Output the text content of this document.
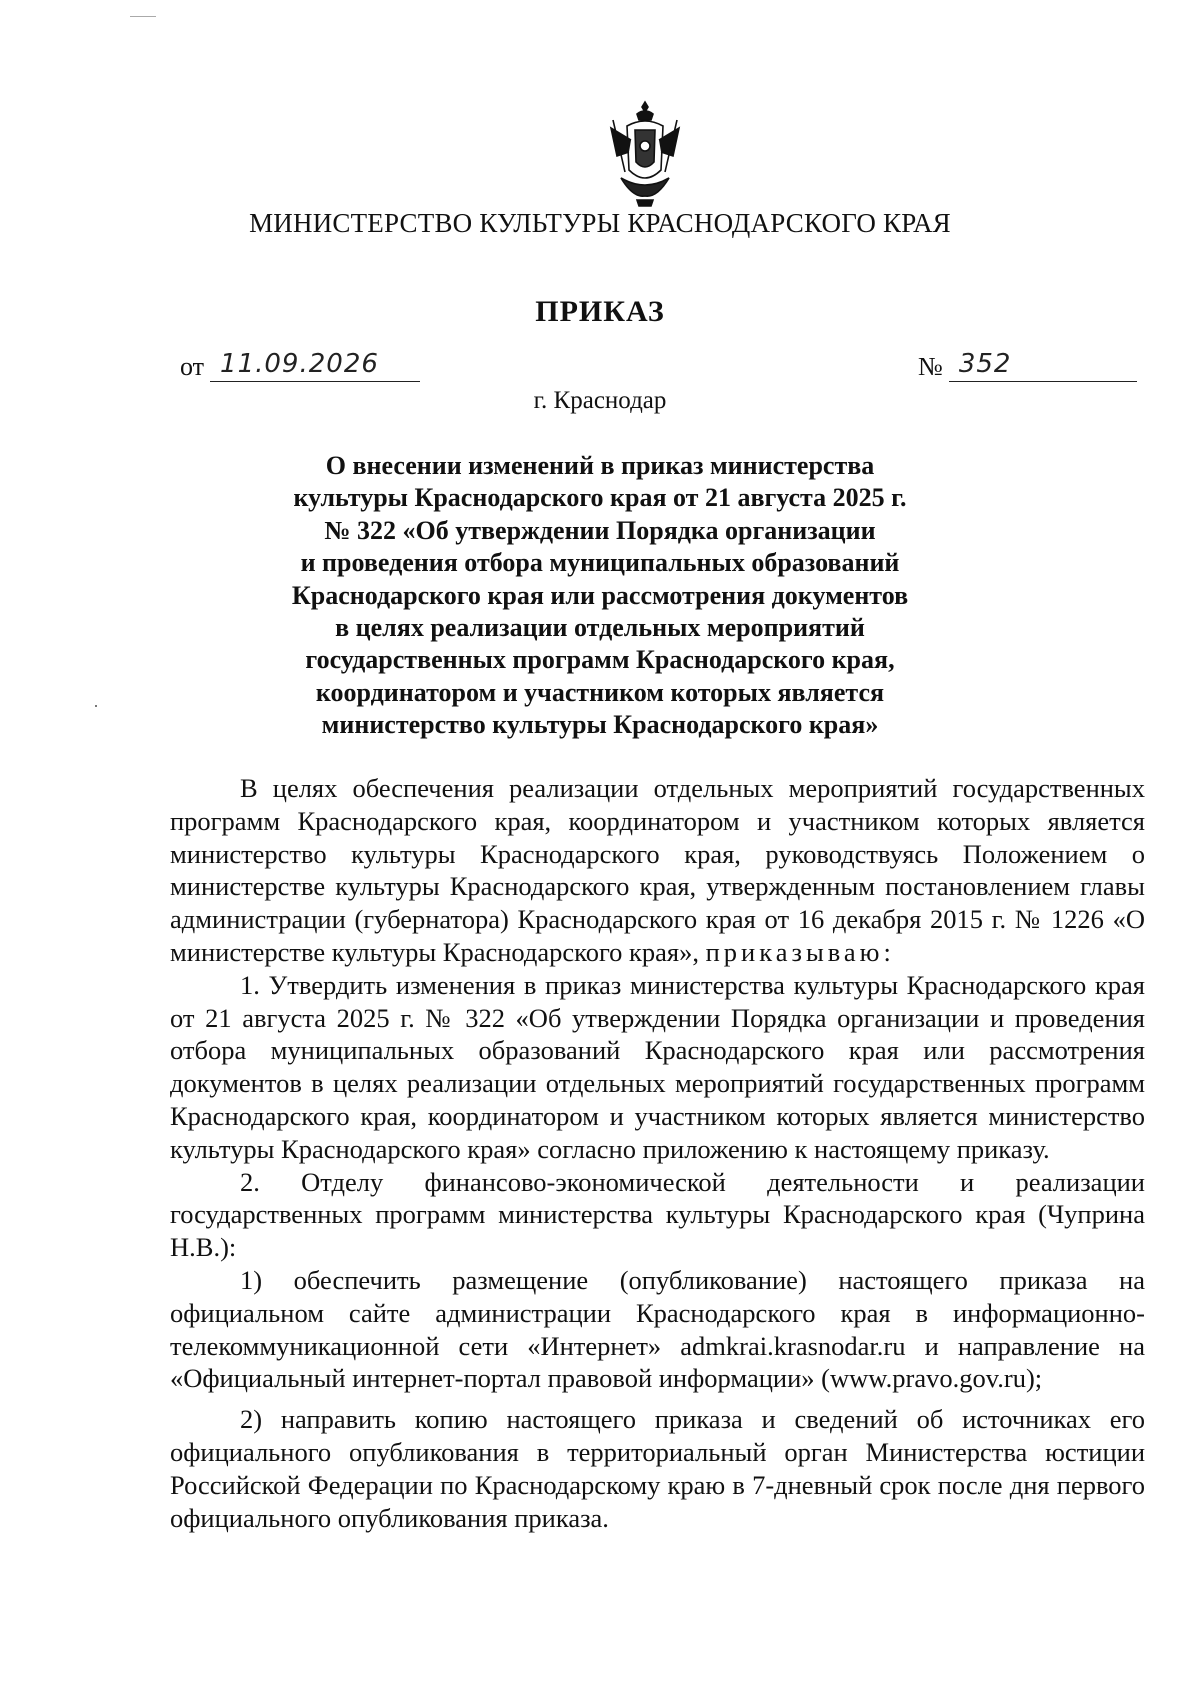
МИНИСТЕРСТВО КУЛЬТУРЫ КРАСНОДАРСКОГО КРАЯ
ПРИКАЗ
от 11.09.2026	№ 352
г. Краснодар
О внесении изменений в приказ министерства
культуры Краснодарского края от 21 августа 2025 г.
№ 322 «Об утверждении Порядка организации
и проведения отбора муниципальных образований
Краснодарского края или рассмотрения документов
в целях реализации отдельных мероприятий
государственных программ Краснодарского края,
координатором и участником которых является
министерство культуры Краснодарского края»

В целях обеспечения реализации отдельных мероприятий государственных программ Краснодарского края, координатором и участником которых является министерство культуры Краснодарского края, руководствуясь Положением о министерстве культуры Краснодарского края, утвержденным постановлением главы администрации (губернатора) Краснодарского края от 16 декабря 2015 г. № 1226 «О министерстве культуры Краснодарского края», приказываю:

1. Утвердить изменения в приказ министерства культуры Краснодарского края от 21 августа 2025 г. № 322 «Об утверждении Порядка организации и проведения отбора муниципальных образований Краснодарского края или рассмотрения документов в целях реализации отдельных мероприятий государственных программ Краснодарского края, координатором и участником которых является министерство культуры Краснодарского края» согласно приложению к настоящему приказу.

2. Отделу финансово-экономической деятельности и реализации государственных программ министерства культуры Краснодарского края (Чуприна Н.В.):

1) обеспечить размещение (опубликование) настоящего приказа на официальном сайте администрации Краснодарского края в информационно-телекоммуникационной сети «Интернет» admkrai.krasnodar.ru и направление на «Официальный интернет-портал правовой информации» (www.pravo.gov.ru);

2) направить копию настоящего приказа и сведений об источниках его официального опубликования в территориальный орган Министерства юстиции Российской Федерации по Краснодарскому краю в 7-дневный срок после дня первого официального опубликования приказа.
